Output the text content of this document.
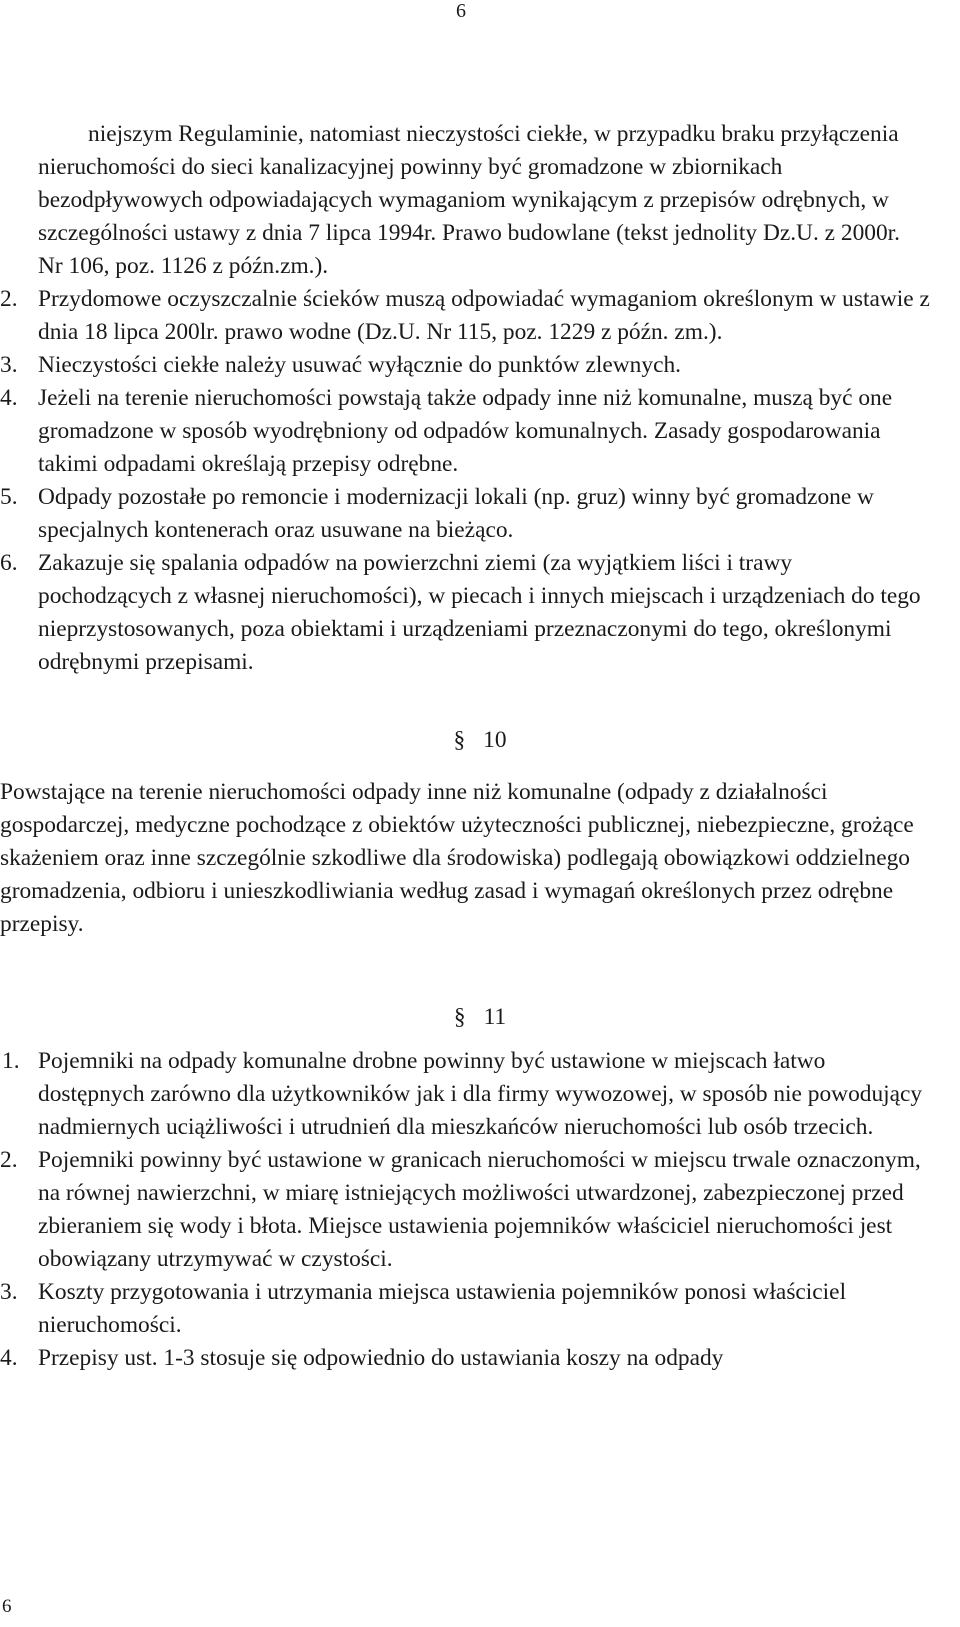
6

niejszym Regulaminie, natomiast nieczystości ciekłe, w przypadku braku przyłączenia nieruchomości do sieci kanalizacyjnej powinny być gromadzone w zbiornikach bezodpływowych odpowiadających wymaganiom wynikającym z przepisów odrębnych, w szczególności ustawy z dnia 7 lipca 1994r. Prawo budowlane (tekst jednolity Dz.U. z 2000r. Nr 106, poz. 1126 z późn.zm.).

2. Przydomowe oczyszczalnie ścieków muszą odpowiadać wymaganiom określonym w ustawie z dnia 18 lipca 200lr. prawo wodne (Dz.U. Nr 115, poz. 1229 z późn. zm.).
3. Nieczystości ciekłe należy usuwać wyłącznie do punktów zlewnych.
4. Jeżeli na terenie nieruchomości powstają także odpady inne niż komunalne, muszą być one gromadzone w sposób wyodrębniony od odpadów komunalnych. Zasady gospodarowania takimi odpadami określają przepisy odrębne.
5. Odpady pozostałe po remoncie i modernizacji lokali (np. gruz) winny być gromadzone w specjalnych kontenerach oraz usuwane na bieżąco.
6. Zakazuje się spalania odpadów na powierzchni ziemi (za wyjątkiem liści i trawy pochodzących z własnej nieruchomości), w piecach i innych miejscach i urządzeniach do tego nieprzystosowanych, poza obiektami i urządzeniami przeznaczonymi do tego, określonymi odrębnymi przepisami.
§ 10

Powstające na terenie nieruchomości odpady inne niż komunalne (odpady z działalności gospodarczej, medyczne pochodzące z obiektów użyteczności publicznej, niebezpieczne, grożące skażeniem oraz inne szczególnie szkodliwe dla środowiska) podlegają obowiązkowi oddzielnego gromadzenia, odbioru i unieszkodliwiania według zasad i wymagań określonych przez odrębne przepisy.

§ 11
1. Pojemniki na odpady komunalne drobne powinny być ustawione w miejscach łatwo dostępnych zarówno dla użytkowników jak i dla firmy wywozowej, w sposób nie powodujący nadmiernych uciążliwości i utrudnień dla mieszkańców nieruchomości lub osób trzecich.
2. Pojemniki powinny być ustawione w granicach nieruchomości w miejscu trwale oznaczonym, na równej nawierzchni, w miarę istniejących możliwości utwardzonej, zabezpieczonej przed zbieraniem się wody i błota. Miejsce ustawienia pojemników właściciel nieruchomości jest obowiązany utrzymywać w czystości.
3. Koszty przygotowania i utrzymania miejsca ustawienia pojemników ponosi właściciel nieruchomości.
4. Przepisy ust. 1-3 stosuje się odpowiednio do ustawiania koszy na odpady
6
